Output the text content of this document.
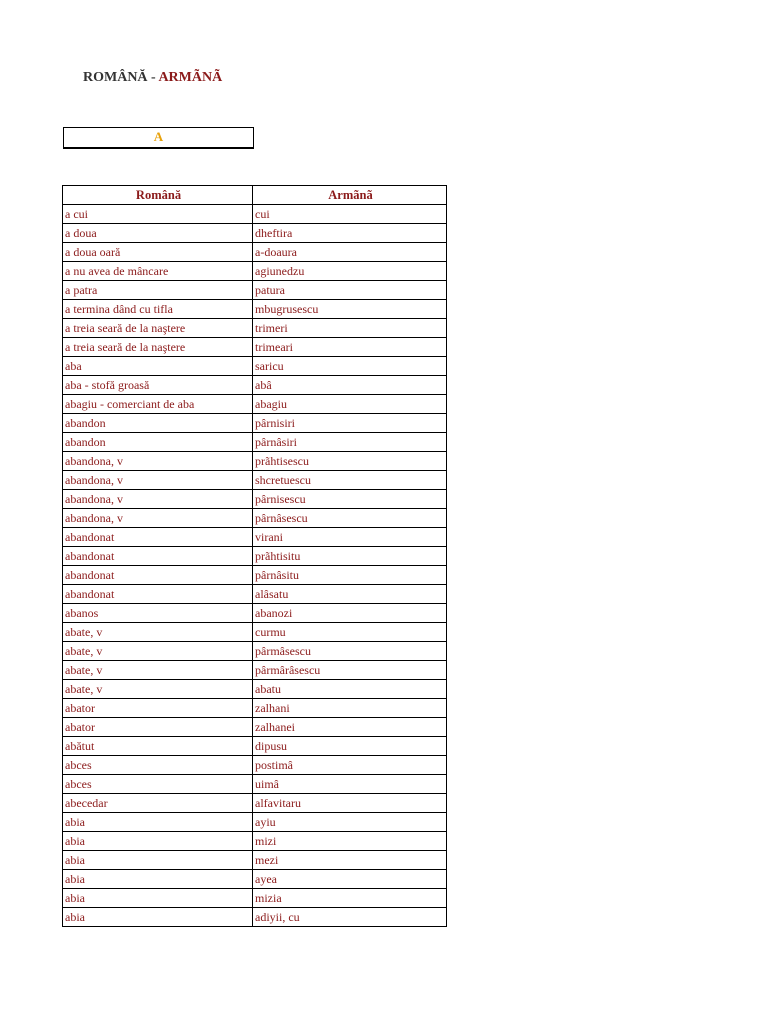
ROMÂNĂ - ARMÃNÃ
A
Română	Armãnã
a cui	cui
a doua	dheftira
a doua oară	a-doaura
a nu avea de mâncare	agiunedzu
a patra	patura
a termina dând cu tifla	mbugrusescu
a treia seară de la naştere	trimeri
a treia seară de la naştere	trimeari
aba	saricu
aba - stofă groasă	abâ
abagiu - comerciant de aba	abagiu
abandon	pârnisiri
abandon	pârnâsiri
abandona, v	prãhtisescu
abandona, v	shcretuescu
abandona, v	pârnisescu
abandona, v	pârnâsescu
abandonat	virani
abandonat	prãhtisitu
abandonat	pârnâsitu
abandonat	alâsatu
abanos	abanozi
abate, v	curmu
abate, v	pârmâsescu
abate, v	pârmârâsescu
abate, v	abatu
abator	zalhani
abator	zalhanei
abătut	dipusu
abces	postimâ
abces	uimâ
abecedar	alfavitaru
abia	ayiu
abia	mizi
abia	mezi
abia	ayea
abia	mizia
abia	adiyii, cu
